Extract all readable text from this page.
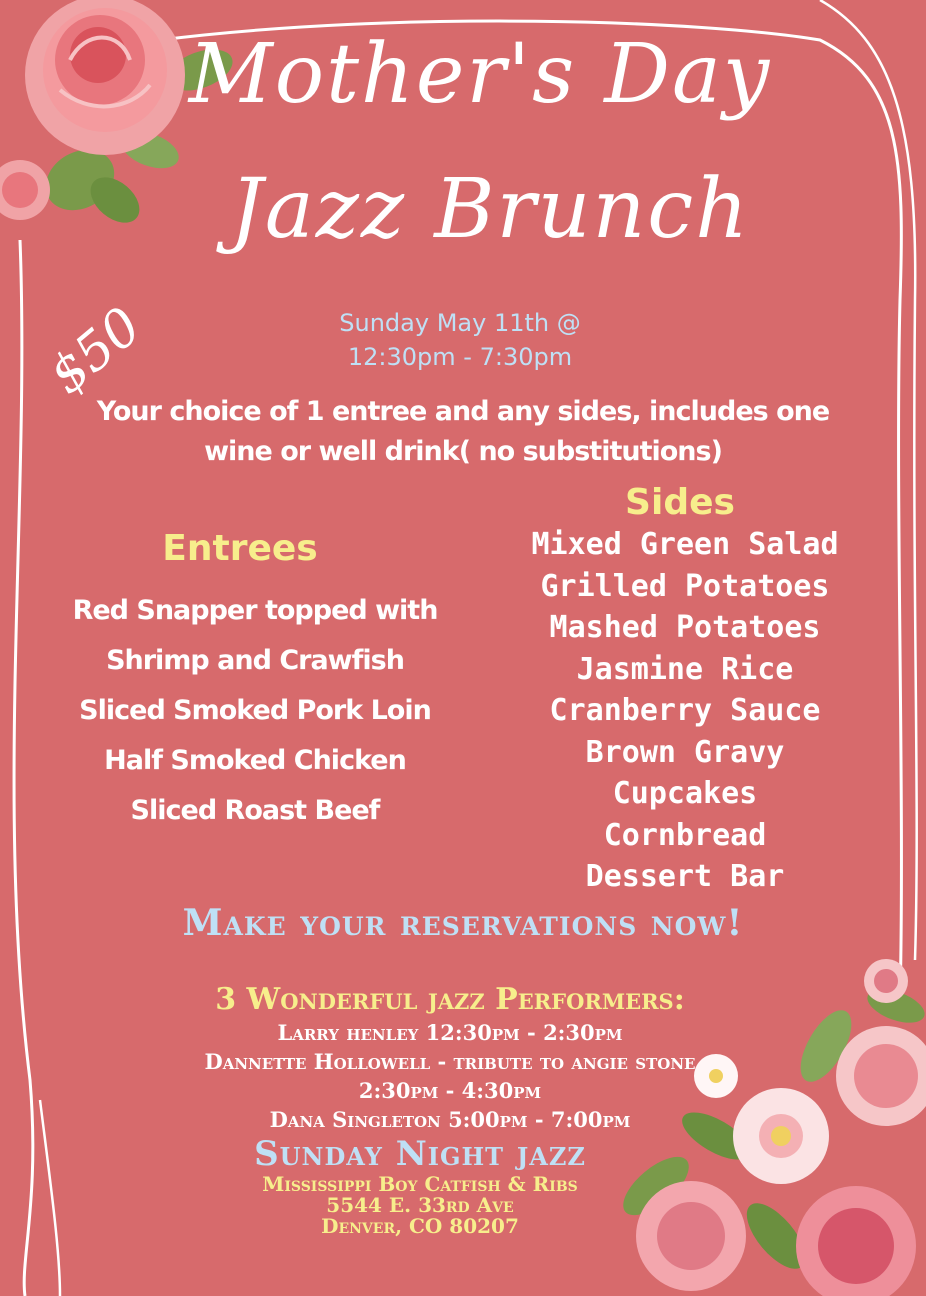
Mother's Day
Jazz Brunch
$50	Sunday May 11th @
12:30pm - 7:30pm
Your choice of 1 entree and any sides, includes one wine or well drink( no substitutions)
Entrees
Red Snapper topped with
Shrimp and Crawfish
Sliced Smoked Pork Loin
Half Smoked Chicken
Sliced Roast Beef
Sides
Mixed Green Salad
Grilled Potatoes
Mashed Potatoes
Jasmine Rice
Cranberry Sauce
Brown Gravy
Cupcakes
Cornbread
Dessert Bar
Make your reservations now!
3 Wonderful jazz Performers:
Larry henley 12:30pm - 2:30pm
Dannette Hollowell - tribute to angie stone
2:30pm - 4:30pm
Dana Singleton 5:00pm - 7:00pm
Sunday Night jazz
Mississippi Boy Catfish & Ribs
5544 E. 33rd Ave
Denver, CO 80207
